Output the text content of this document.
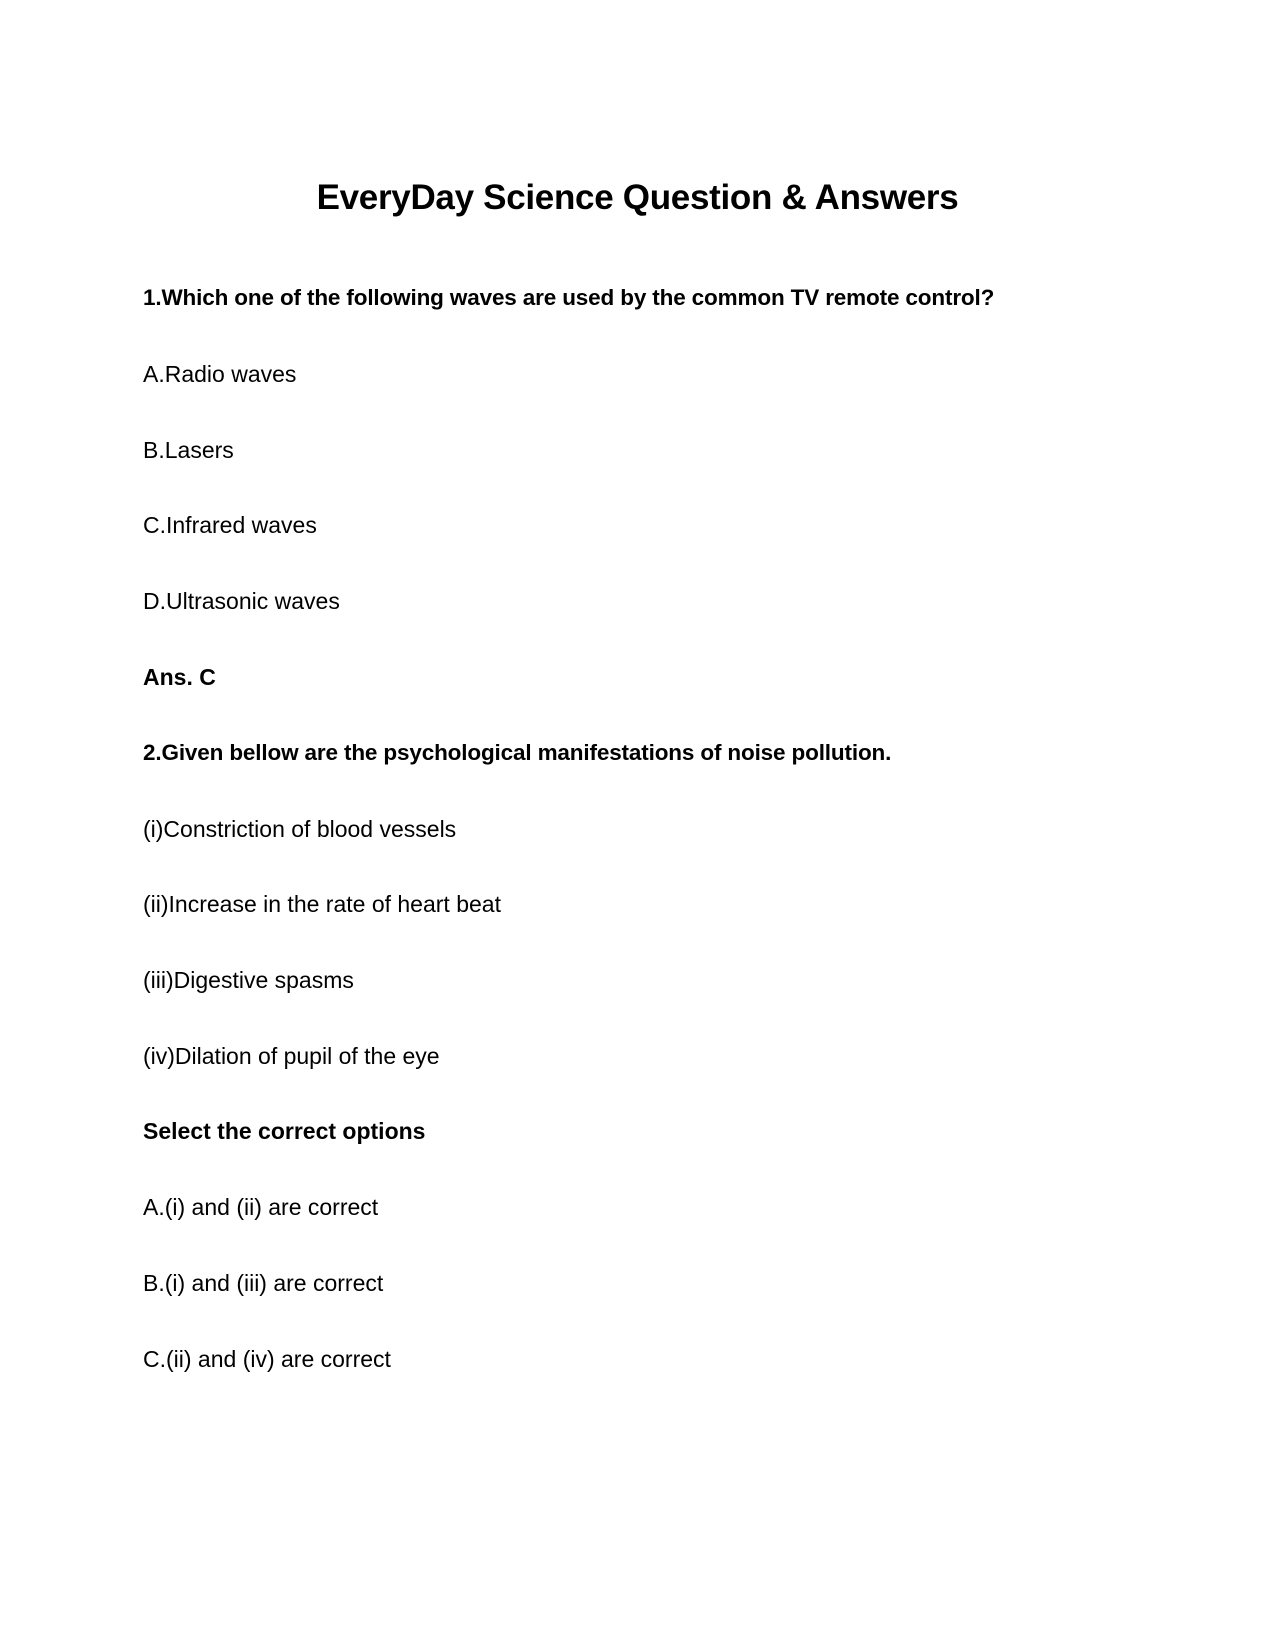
EveryDay Science Question & Answers

1.Which one of the following waves are used by the common TV remote control?

A.Radio waves

B.Lasers

C.Infrared waves

D.Ultrasonic waves

Ans. C

2.Given bellow are the psychological manifestations of noise pollution.

(i)Constriction of blood vessels

(ii)Increase in the rate of heart beat

(iii)Digestive spasms

(iv)Dilation of pupil of the eye

Select the correct options

A.(i) and (ii) are correct

B.(i) and (iii) are correct

C.(ii) and (iv) are correct
